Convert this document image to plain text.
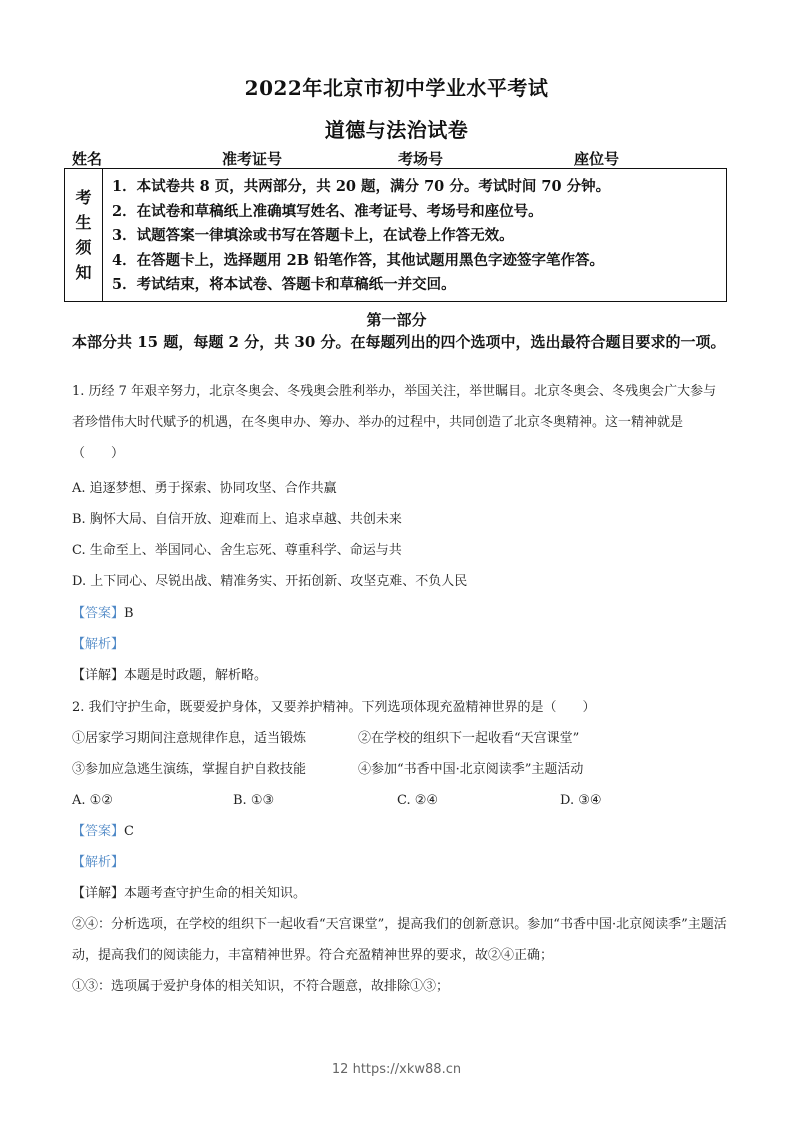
2022年北京市初中学业水平考试
道德与法治试卷
姓名	准考证号	考场号	座位号
考
生
须
知
1．本试卷共 8 页，共两部分，共 20 题，满分 70 分。考试时间 70 分钟。
2．在试卷和草稿纸上准确填写姓名、准考证号、考场号和座位号。
3．试题答案一律填涂或书写在答题卡上，在试卷上作答无效。
4．在答题卡上，选择题用 2B 铅笔作答，其他试题用黑色字迹签字笔作答。
5．考试结束，将本试卷、答题卡和草稿纸一并交回。
第一部分
本部分共 15 题，每题 2 分，共 30 分。在每题列出的四个选项中，选出最符合题目要求的一项。
1. 历经 7 年艰辛努力，北京冬奥会、冬残奥会胜利举办，举国关注，举世瞩目。北京冬奥会、冬残奥会广大参与者珍惜伟大时代赋予的机遇，在冬奥申办、筹办、举办的过程中，共同创造了北京冬奥精神。这一精神就是（　　）
A. 追逐梦想、勇于探索、协同攻坚、合作共赢
B. 胸怀大局、自信开放、迎难而上、追求卓越、共创未来
C. 生命至上、举国同心、舍生忘死、尊重科学、命运与共
D. 上下同心、尽锐出战、精准务实、开拓创新、攻坚克难、不负人民
【答案】B
【解析】
【详解】本题是时政题，解析略。
2. 我们守护生命，既要爱护身体，又要养护精神。下列选项体现充盈精神世界的是（　　）
①居家学习期间注意规律作息，适当锻炼	②在学校的组织下一起收看“天宫课堂”
③参加应急逃生演练，掌握自护自救技能	④参加“书香中国·北京阅读季”主题活动
A. ①②	B. ①③	C. ②④	D. ③④
【答案】C
【解析】
【详解】本题考查守护生命的相关知识。
②④：分析选项，在学校的组织下一起收看“天宫课堂”，提高我们的创新意识。参加“书香中国·北京阅读季”主题活动，提高我们的阅读能力，丰富精神世界。符合充盈精神世界的要求，故②④正确；
①③：选项属于爱护身体的相关知识，不符合题意，故排除①③；
12 https://xkw88.cn
